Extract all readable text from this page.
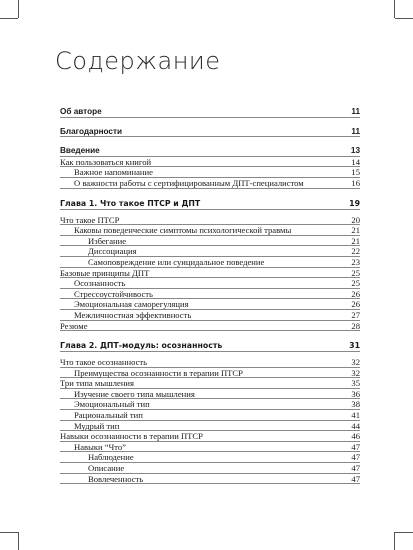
Содержание
Об авторе	11
Благодарности	11
Введение	13
Как пользоваться книгой	14
Важное напоминание	15
О важности работы с сертифицированным ДПТ-специалистом	16
Глава 1. Что такое ПТСР и ДПТ	19
Что такое ПТСР	20
Каковы поведенческие симптомы психологической травмы	21
Избегание	21
Диссоциация	22
Самоповреждение или суицидальное поведение	23
Базовые принципы ДПТ	25
Осознанность	25
Стрессоустойчивость	26
Эмоциональная саморегуляция	26
Межличностная эффективность	27
Резюме	28
Глава 2. ДПТ-модуль: осознанность	31
Что такое осознанность	32
Преимущества осознанности в терапии ПТСР	32
Три типа мышления	35
Изучение своего типа мышления	36
Эмоциональный тип	38
Рациональный тип	41
Мудрый тип	44
Навыки осознанности в терапии ПТСР	46
Навыки “Что”	47
Наблюдение	47
Описание	47
Вовлеченность	47
